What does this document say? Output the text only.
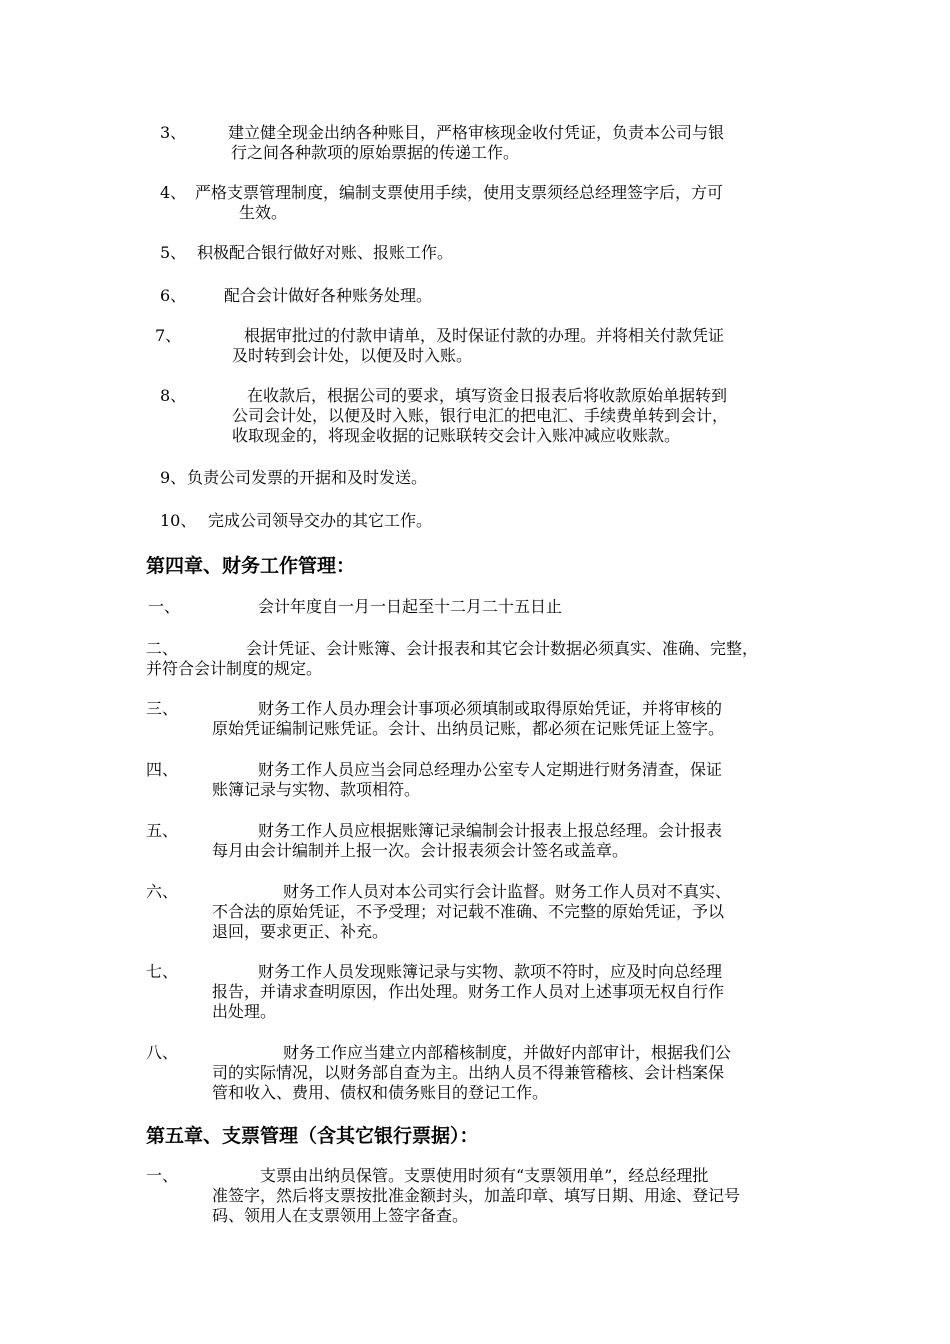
3、	建立健全现金出纳各种账目，严格审核现金收付凭证，负责本公司与银
行之间各种款项的原始票据的传递工作。
4、 严格支票管理制度，编制支票使用手续，使用支票须经总经理签字后，方可
生效。
5、 积极配合银行做好对账、报账工作。
6、 配合会计做好各种账务处理。
7、	根据审批过的付款申请单，及时保证付款的办理。并将相关付款凭证
及时转到会计处，以便及时入账。
8、	在收款后，根据公司的要求，填写资金日报表后将收款原始单据转到
公司会计处，以便及时入账，银行电汇的把电汇、手续费单转到会计，
收取现金的，将现金收据的记账联转交会计入账冲减应收账款。
9、 负责公司发票的开据和及时发送。
10、 完成公司领导交办的其它工作。
第四章、财务工作管理：
一、	会计年度自一月一日起至十二月二十五日止
二、	会计凭证、会计账簿、会计报表和其它会计数据必须真实、准确、完整，
并符合会计制度的规定。
三、	财务工作人员办理会计事项必须填制或取得原始凭证，并将审核的
原始凭证编制记账凭证。会计、出纳员记账，都必须在记账凭证上签字。
四、	财务工作人员应当会同总经理办公室专人定期进行财务清查，保证
账簿记录与实物、款项相符。
五、	财务工作人员应根据账簿记录编制会计报表上报总经理。会计报表
每月由会计编制并上报一次。会计报表须会计签名或盖章。
六、	财务工作人员对本公司实行会计监督。财务工作人员对不真实、
不合法的原始凭证，不予受理；对记载不准确、不完整的原始凭证，予以
退回，要求更正、补充。
七、	财务工作人员发现账簿记录与实物、款项不符时，应及时向总经理
报告，并请求查明原因，作出处理。财务工作人员对上述事项无权自行作
出处理。
八、	财务工作应当建立内部稽核制度，并做好内部审计，根据我们公
司的实际情况，以财务部自查为主。出纳人员不得兼管稽核、会计档案保
管和收入、费用、债权和债务账目的登记工作。
第五章、支票管理（含其它银行票据）：
一、	支票由出纳员保管。支票使用时须有“支票领用单”，经总经理批
准签字，然后将支票按批准金额封头，加盖印章、填写日期、用途、登记号
码、领用人在支票领用上签字备查。
